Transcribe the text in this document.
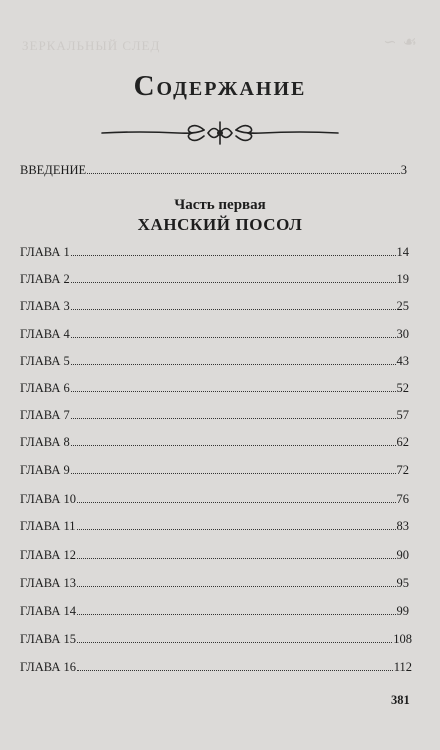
ЗЕРКАЛЬНЫЙ СЛЕД	∽ ☙
Содержание
ВВЕДЕНИЕ	3
Часть первая
ХАНСКИЙ ПОСОЛ
ГЛАВА 1	14
ГЛАВА 2	19
ГЛАВА 3	25
ГЛАВА 4	30
ГЛАВА 5	43
ГЛАВА 6	52
ГЛАВА 7	57
ГЛАВА 8	62
ГЛАВА 9	72
ГЛАВА 10	76
ГЛАВА 11	83
ГЛАВА 12	90
ГЛАВА 13	95
ГЛАВА 14	99
ГЛАВА 15	108
ГЛАВА 16	112
381
